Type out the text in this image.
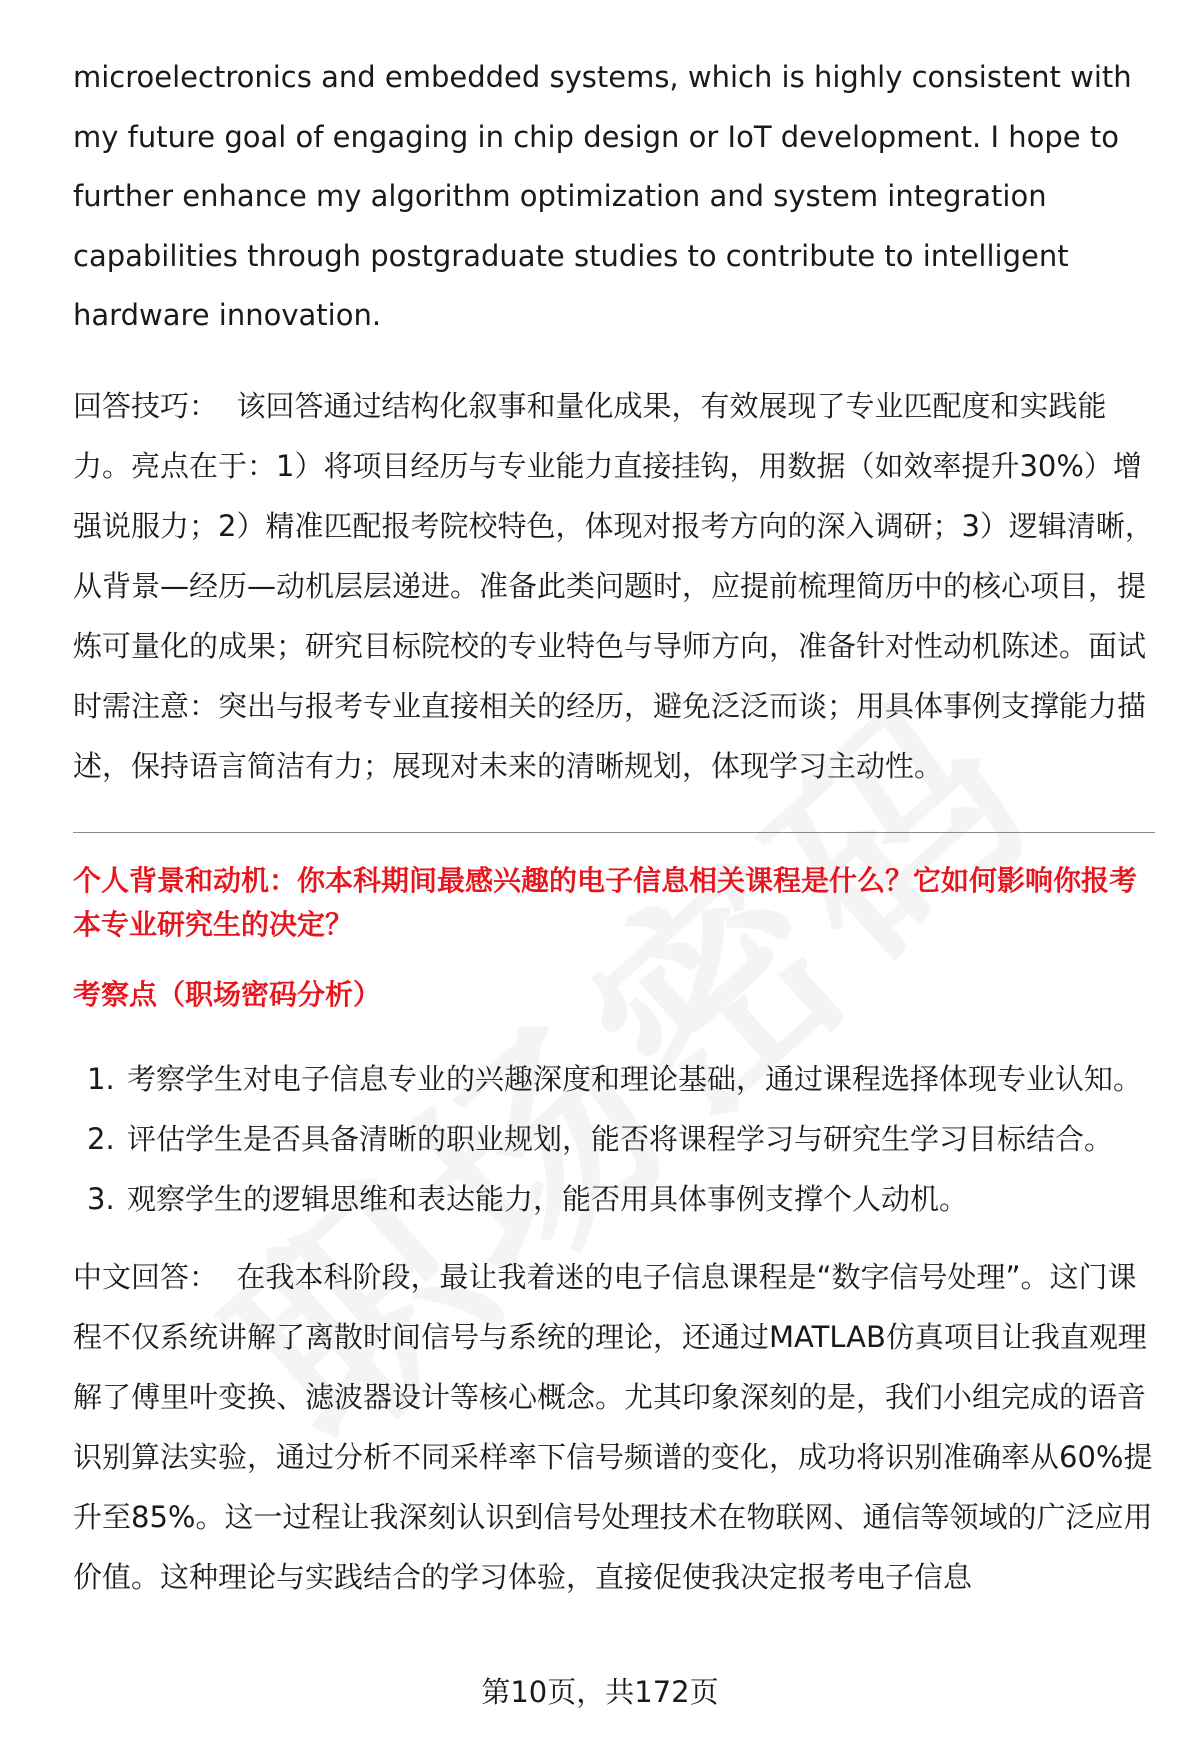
microelectronics and embedded systems, which is highly consistent with my future goal of engaging in chip design or IoT development. I hope to further enhance my algorithm optimization and system integration capabilities through postgraduate studies to contribute to intelligent hardware innovation.

回答技巧： 该回答通过结构化叙事和量化成果，有效展现了专业匹配度和实践能力。亮点在于：1）将项目经历与专业能力直接挂钩，用数据（如效率提升30%）增强说服力；2）精准匹配报考院校特色，体现对报考方向的深入调研；3）逻辑清晰，从背景—经历—动机层层递进。准备此类问题时，应提前梳理简历中的核心项目，提炼可量化的成果；研究目标院校的专业特色与导师方向，准备针对性动机陈述。面试时需注意：突出与报考专业直接相关的经历，避免泛泛而谈；用具体事例支撑能力描述，保持语言简洁有力；展现对未来的清晰规划，体现学习主动性。

个人背景和动机：你本科期间最感兴趣的电子信息相关课程是什么？它如何影响你报考本专业研究生的决定？

考察点（职场密码分析）

1. 考察学生对电子信息专业的兴趣深度和理论基础，通过课程选择体现专业认知。
2. 评估学生是否具备清晰的职业规划，能否将课程学习与研究生学习目标结合。
3. 观察学生的逻辑思维和表达能力，能否用具体事例支撑个人动机。

中文回答： 在我本科阶段，最让我着迷的电子信息课程是“数字信号处理”。这门课程不仅系统讲解了离散时间信号与系统的理论，还通过MATLAB仿真项目让我直观理解了傅里叶变换、滤波器设计等核心概念。尤其印象深刻的是，我们小组完成的语音识别算法实验，通过分析不同采样率下信号频谱的变化，成功将识别准确率从60%提升至85%。这一过程让我深刻认识到信号处理技术在物联网、通信等领域的广泛应用价值。这种理论与实践结合的学习体验，直接促使我决定报考电子信息

第10页，共172页
